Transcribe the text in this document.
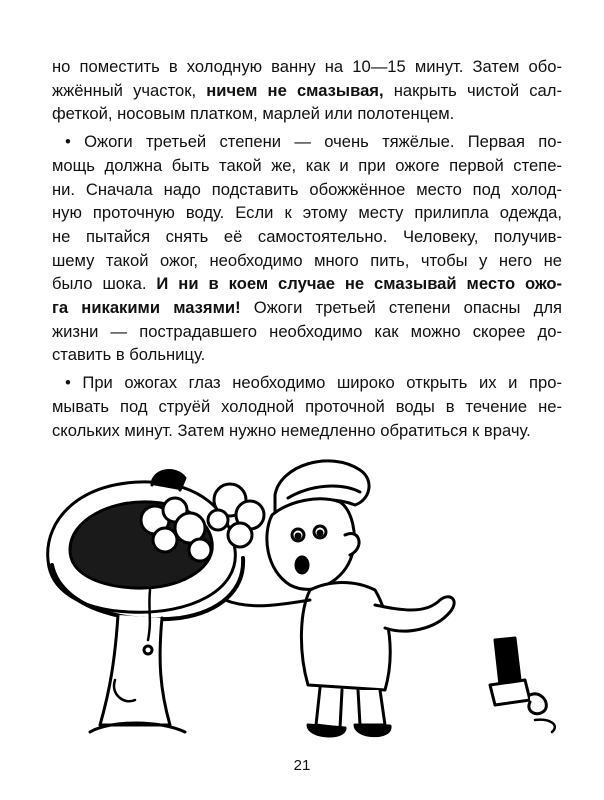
но поместить в холодную ванну на 10—15 минут. Затем обо-
жжённый участок, ничем не смазывая, накрыть чистой сал-
феткой, носовым платком, марлей или полотенцем.
• Ожоги третьей степени — очень тяжёлые. Первая по-
мощь должна быть такой же, как и при ожоге первой степе-
ни. Сначала надо подставить обожжённое место под холод-
ную проточную воду. Если к этому месту прилипла одежда,
не пытайся снять её самостоятельно. Человеку, получив-
шему такой ожог, необходимо много пить, чтобы у него не
было шока. И ни в коем случае не смазывай место ожо-
га никакими мазями! Ожоги третьей степени опасны для
жизни — пострадавшего необходимо как можно скорее до-
ставить в больницу.
• При ожогах глаз необходимо широко открыть их и про-
мывать под струёй холодной проточной воды в течение не-
скольких минут. Затем нужно немедленно обратиться к врачу.
21
